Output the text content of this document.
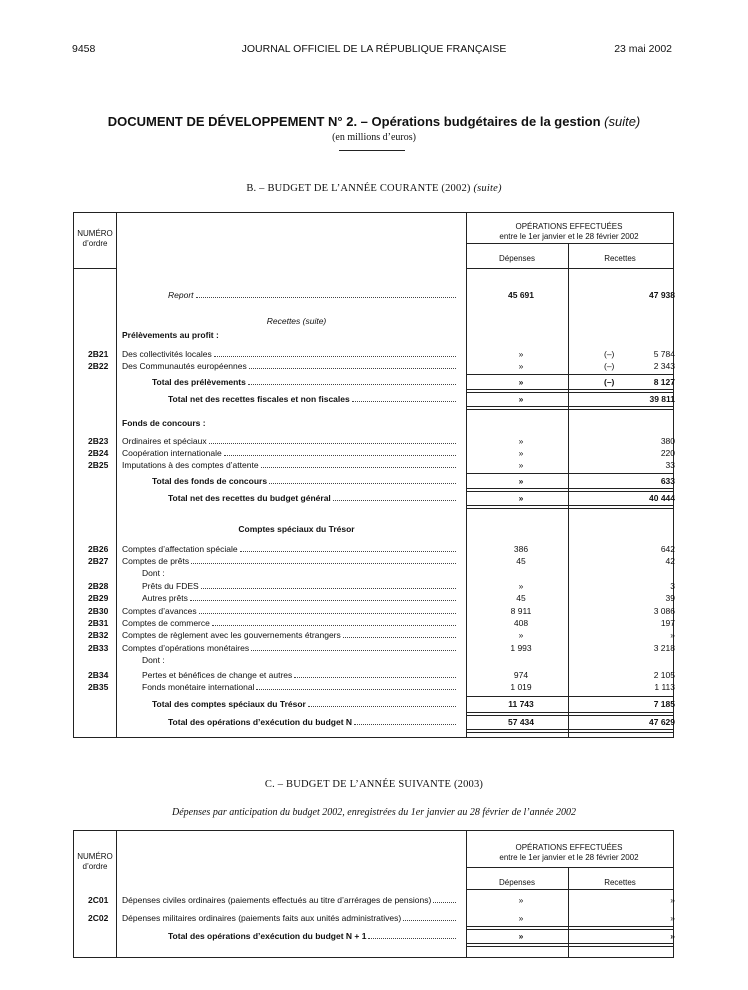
9458	JOURNAL OFFICIEL DE LA RÉPUBLIQUE FRANÇAISE	23 mai 2002
DOCUMENT DE DÉVELOPPEMENT N° 2. – Opérations budgétaires de la gestion (suite)
(en millions d’euros)
B. – BUDGET DE L’ANNÉE COURANTE (2002) (suite)
NUMÉRO
d’ordre
OPÉRATIONS EFFECTUÉES
entre le 1er janvier et le 28 février 2002
Dépenses	Recettes
Report	45 691	47 938
Recettes (suite)
Prélèvements au profit :
2B21 Des collectivités locales	»	(–)	5 784
2B22 Des Communautés européennes	»	(–)	2 343
Total des prélèvements	»	(–)	8 127
Total net des recettes fiscales et non fiscales	»	39 811
Fonds de concours :
2B23 Ordinaires et spéciaux	»	380
2B24 Coopération internationale	»	220
2B25 Imputations à des comptes d’attente	»	33
Total des fonds de concours	»	633
Total net des recettes du budget général	»	40 444
Comptes spéciaux du Trésor
2B26 Comptes d’affectation spéciale	386	642
2B27 Comptes de prêts	45	42
Dont :
2B28	Prêts du FDES	»	3
2B29	Autres prêts	45	39
2B30 Comptes d’avances	8 911	3 086
2B31 Comptes de commerce	408	197
2B32 Comptes de règlement avec les gouvernements étrangers	»	»
2B33 Comptes d’opérations monétaires	1 993	3 218
Dont :
2B34	Pertes et bénéfices de change et autres	974	2 105
2B35	Fonds monétaire international	1 019	1 113
Total des comptes spéciaux du Trésor	11 743	7 185
Total des opérations d’exécution du budget N	57 434	47 629
C. – BUDGET DE L’ANNÉE SUIVANTE (2003)
Dépenses par anticipation du budget 2002, enregistrées du 1er janvier au 28 février de l’année 2002
NUMÉRO
d’ordre
OPÉRATIONS EFFECTUÉES
entre le 1er janvier et le 28 février 2002
Dépenses	Recettes
2C01 Dépenses civiles ordinaires (paiements effectués au titre d’arrérages de pensions)	»	»
2C02 Dépenses militaires ordinaires (paiements faits aux unités administratives)	»	»
Total des opérations d’exécution du budget N + 1	»	»
